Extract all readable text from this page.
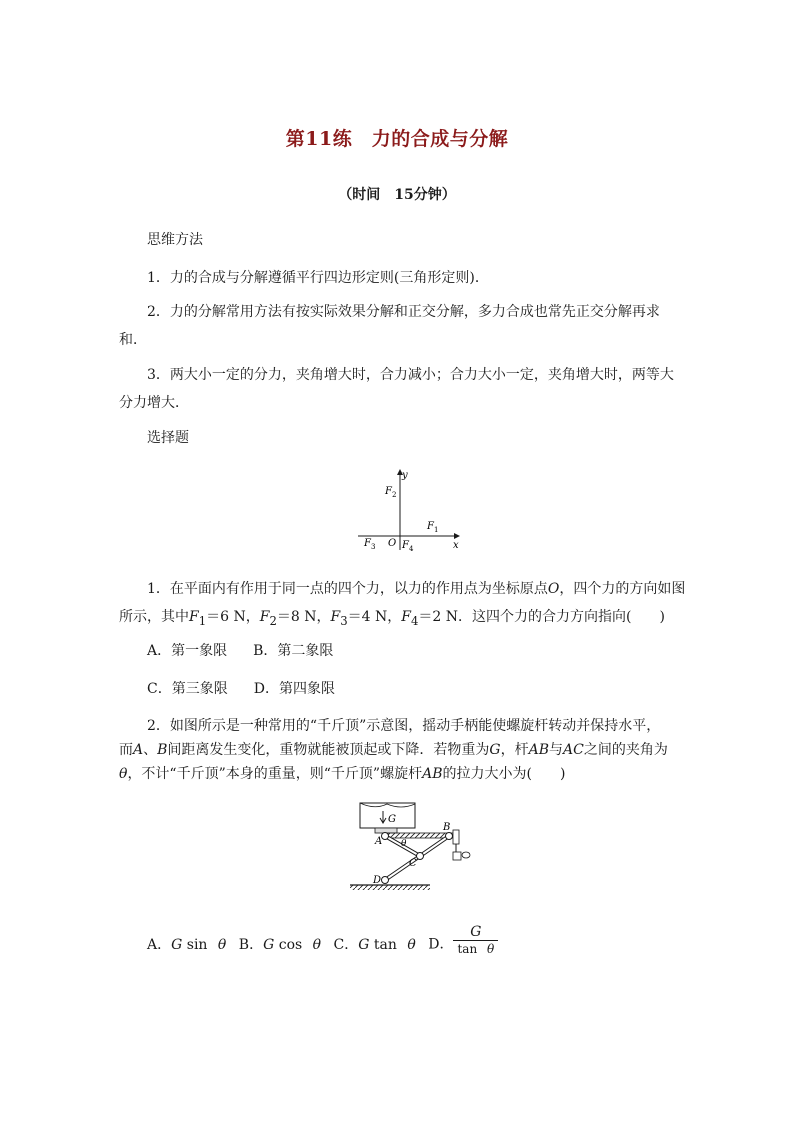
第11练　力的合成与分解
（时间　15分钟）
思维方法
1．力的合成与分解遵循平行四边形定则(三角形定则)．
2．力的分解常用方法有按实际效果分解和正交分解，多力合成也常先正交分解再求和．
3．两大小一定的分力，夹角增大时，合力减小；合力大小一定，夹角增大时，两等大分力增大．
选择题
y
x
O
$F_2$
$F_1$
$F_3$	$F_4$
1．在平面内有作用于同一点的四个力，以力的作用点为坐标原点O，四个力的方向如图所示，其中$F_1=6$ N，$F_2=8$ N，$F_3=4$ N，$F_4=2$ N．这四个力的合力方向指向(　　)
A．第一象限 B．第二象限
C．第三象限 D．第四象限
2．如图所示是一种常用的“千斤顶”示意图，摇动手柄能使螺旋杆转动并保持水平，
而A、B间距离发生变化，重物就能被顶起或下降．若物重为G，杆AB与AC之间的夹角为
θ，不计“千斤顶”本身的重量，则“千斤顶”螺旋杆AB的拉力大小为(　　)
G
A
B
C
D
θ
A．G sin θ B．G cos θ C．G tan θ D． $\frac{G}{\text{tan θ}}$
